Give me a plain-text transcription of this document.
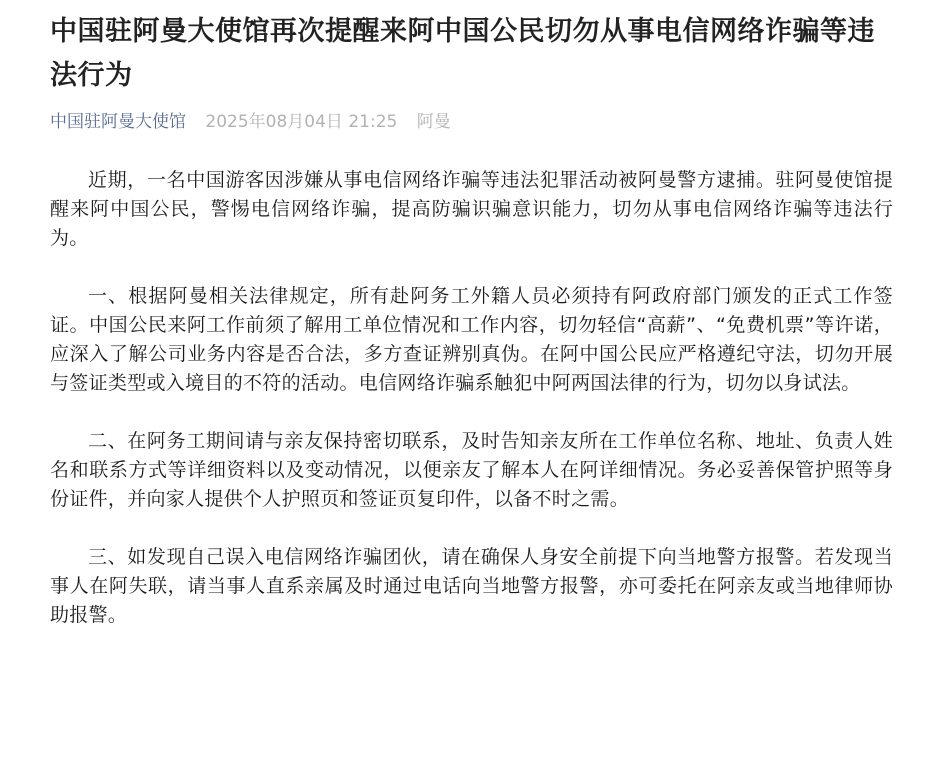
中国驻阿曼大使馆再次提醒来阿中国公民切勿从事电信网络诈骗等违法行为
中国驻阿曼大使馆 2025年08月04日 21:25 阿曼

近期，一名中国游客因涉嫌从事电信网络诈骗等违法犯罪活动被阿曼警方逮捕。驻阿曼使馆提醒来阿中国公民，警惕电信网络诈骗，提高防骗识骗意识能力，切勿从事电信网络诈骗等违法行为。

一、根据阿曼相关法律规定，所有赴阿务工外籍人员必须持有阿政府部门颁发的正式工作签证。中国公民来阿工作前须了解用工单位情况和工作内容，切勿轻信“高薪”、“免费机票”等许诺，应深入了解公司业务内容是否合法，多方查证辨别真伪。在阿中国公民应严格遵纪守法，切勿开展与签证类型或入境目的不符的活动。电信网络诈骗系触犯中阿两国法律的行为，切勿以身试法。

二、在阿务工期间请与亲友保持密切联系，及时告知亲友所在工作单位名称、地址、负责人姓名和联系方式等详细资料以及变动情况，以便亲友了解本人在阿详细情况。务必妥善保管护照等身份证件，并向家人提供个人护照页和签证页复印件，以备不时之需。

三、如发现自己误入电信网络诈骗团伙，请在确保人身安全前提下向当地警方报警。若发现当事人在阿失联，请当事人直系亲属及时通过电话向当地警方报警，亦可委托在阿亲友或当地律师协助报警。
